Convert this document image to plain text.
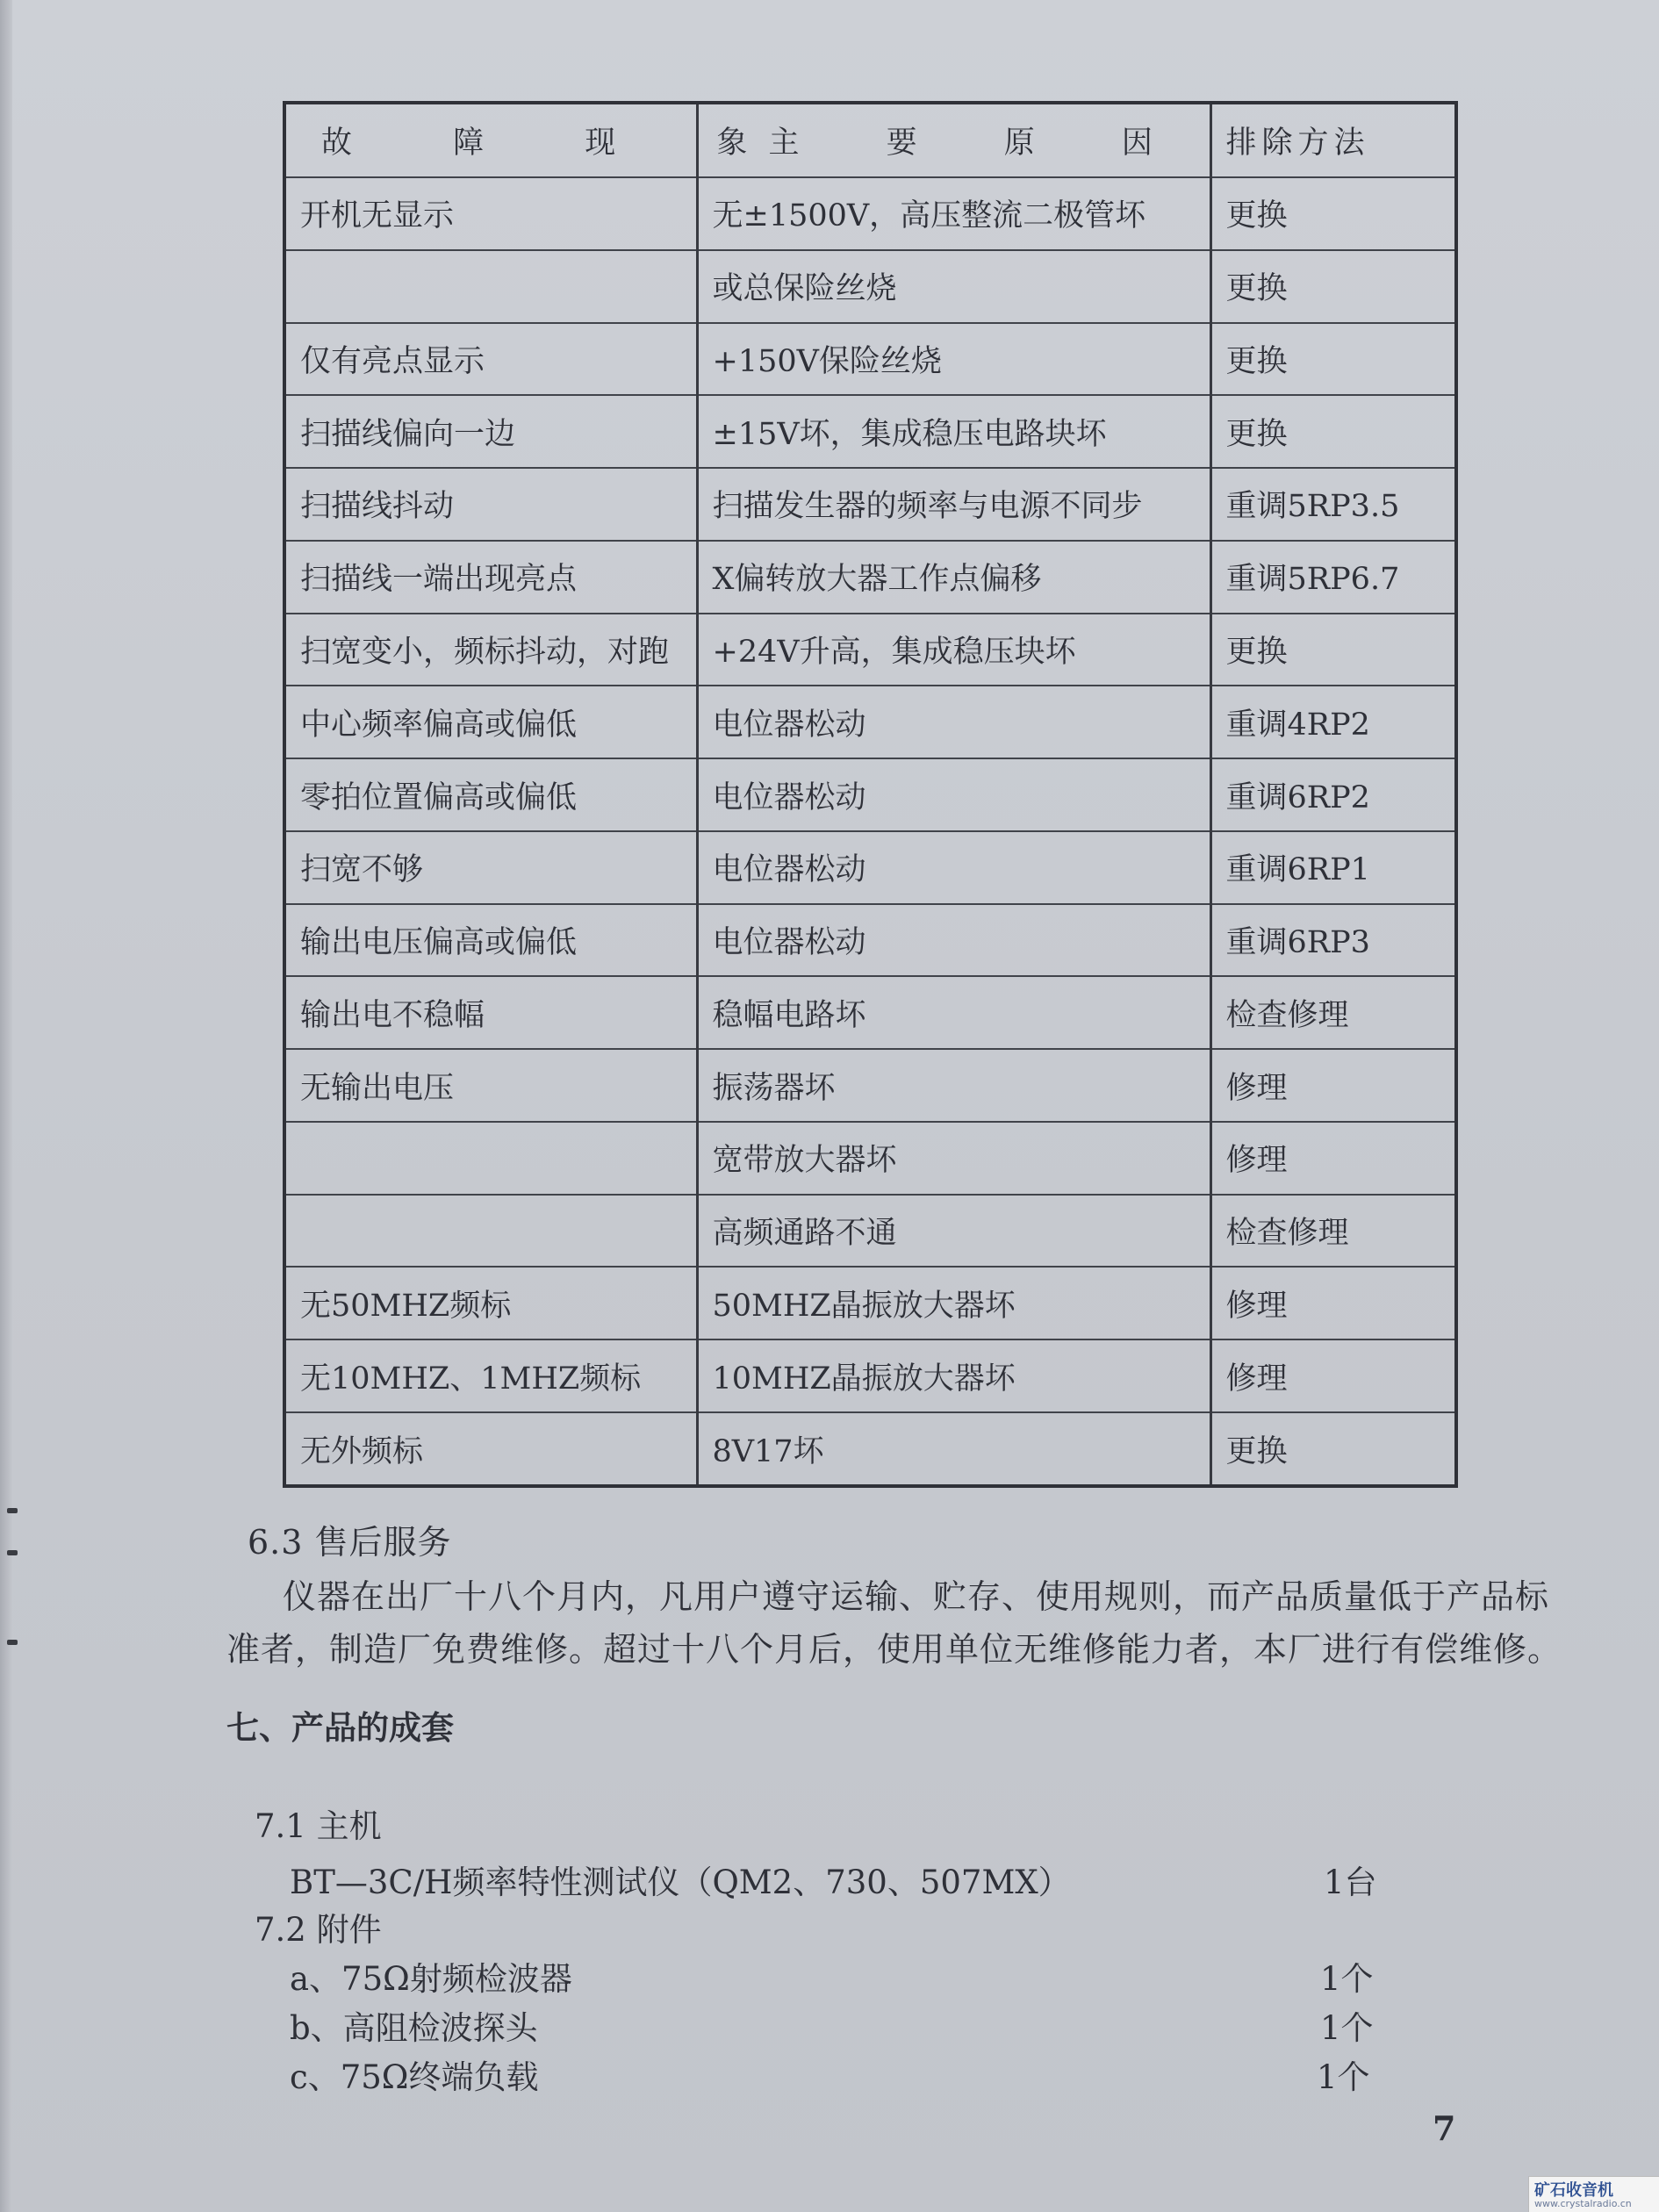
故 障 现 象	主 要 原 因	排除方法
开机无显示	无±1500V，高压整流二极管坏	更换
	或总保险丝烧	更换
仅有亮点显示	+150V保险丝烧	更换
扫描线偏向一边	±15V坏，集成稳压电路块坏	更换
扫描线抖动	扫描发生器的频率与电源不同步	重调5RP3.5
扫描线一端出现亮点	X偏转放大器工作点偏移	重调5RP6.7
扫宽变小，频标抖动，对跑	+24V升高，集成稳压块坏	更换
中心频率偏高或偏低	电位器松动	重调4RP2
零拍位置偏高或偏低	电位器松动	重调6RP2
扫宽不够	电位器松动	重调6RP1
输出电压偏高或偏低	电位器松动	重调6RP3
输出电不稳幅	稳幅电路坏	检查修理
无输出电压	振荡器坏	修理
	宽带放大器坏	修理
	高频通路不通	检查修理
无50MHZ频标	50MHZ晶振放大器坏	修理
无10MHZ、1MHZ频标	10MHZ晶振放大器坏	修理
无外频标	8V17坏	更换
6.3 售后服务
仪器在出厂十八个月内，凡用户遵守运输、贮存、使用规则，而产品质量低于产品标
准者，制造厂免费维修。超过十八个月后，使用单位无维修能力者，本厂进行有偿维修。
七、产品的成套
7.1 主机
BT—3C/H频率特性测试仪（QM2、730、507MX）	1台
7.2 附件
a、75Ω射频检波器	1个
b、高阻检波探头	1个
c、75Ω终端负载	1个
7
矿石收音机
www.crystalradio.cn
